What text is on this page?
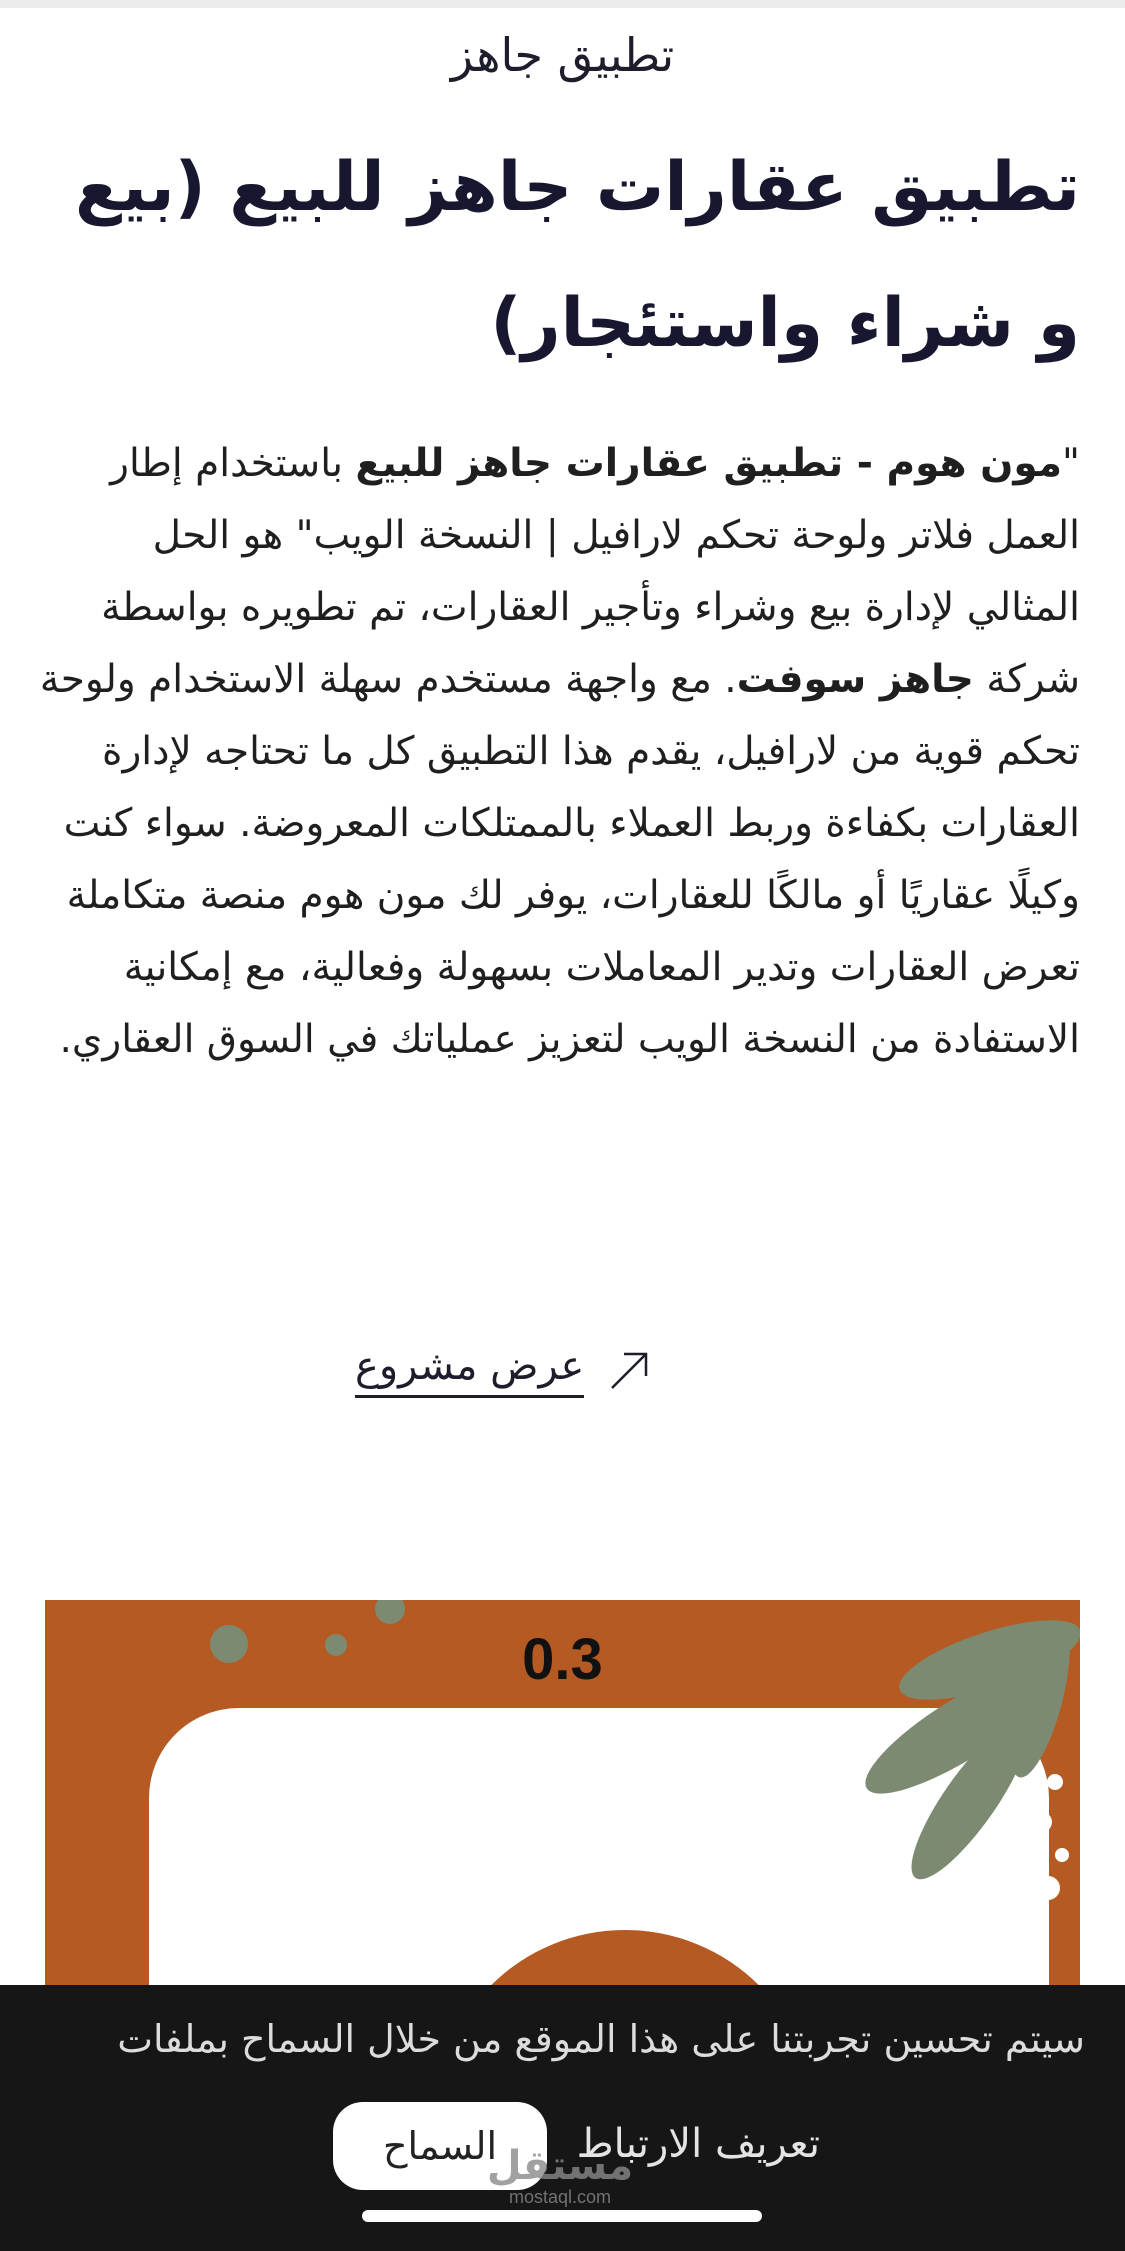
تطبيق جاهز
تطبيق عقارات جاهز للبيع (بيع و شراء واستئجار)
"مون هوم - تطبيق عقارات جاهز للبيع باستخدام إطار العمل فلاتر ولوحة تحكم لارافيل | النسخة الويب" هو الحل المثالي لإدارة بيع وشراء وتأجير العقارات، تم تطويره بواسطة شركة جاهز سوفت. مع واجهة مستخدم سهلة الاستخدام ولوحة تحكم قوية من لارافيل، يقدم هذا التطبيق كل ما تحتاجه لإدارة العقارات بكفاءة وربط العملاء بالممتلكات المعروضة. سواء كنت وكيلًا عقاريًا أو مالكًا للعقارات، يوفر لك مون هوم منصة متكاملة تعرض العقارات وتدير المعاملات بسهولة وفعالية، مع إمكانية الاستفادة من النسخة الويب لتعزيز عملياتك في السوق العقاري.
عرض مشروع
0.3
سيتم تحسين تجربتنا على هذا الموقع من خلال السماح بملفات
تعريف الارتباط
السماح
مستقل
mostaql.com
